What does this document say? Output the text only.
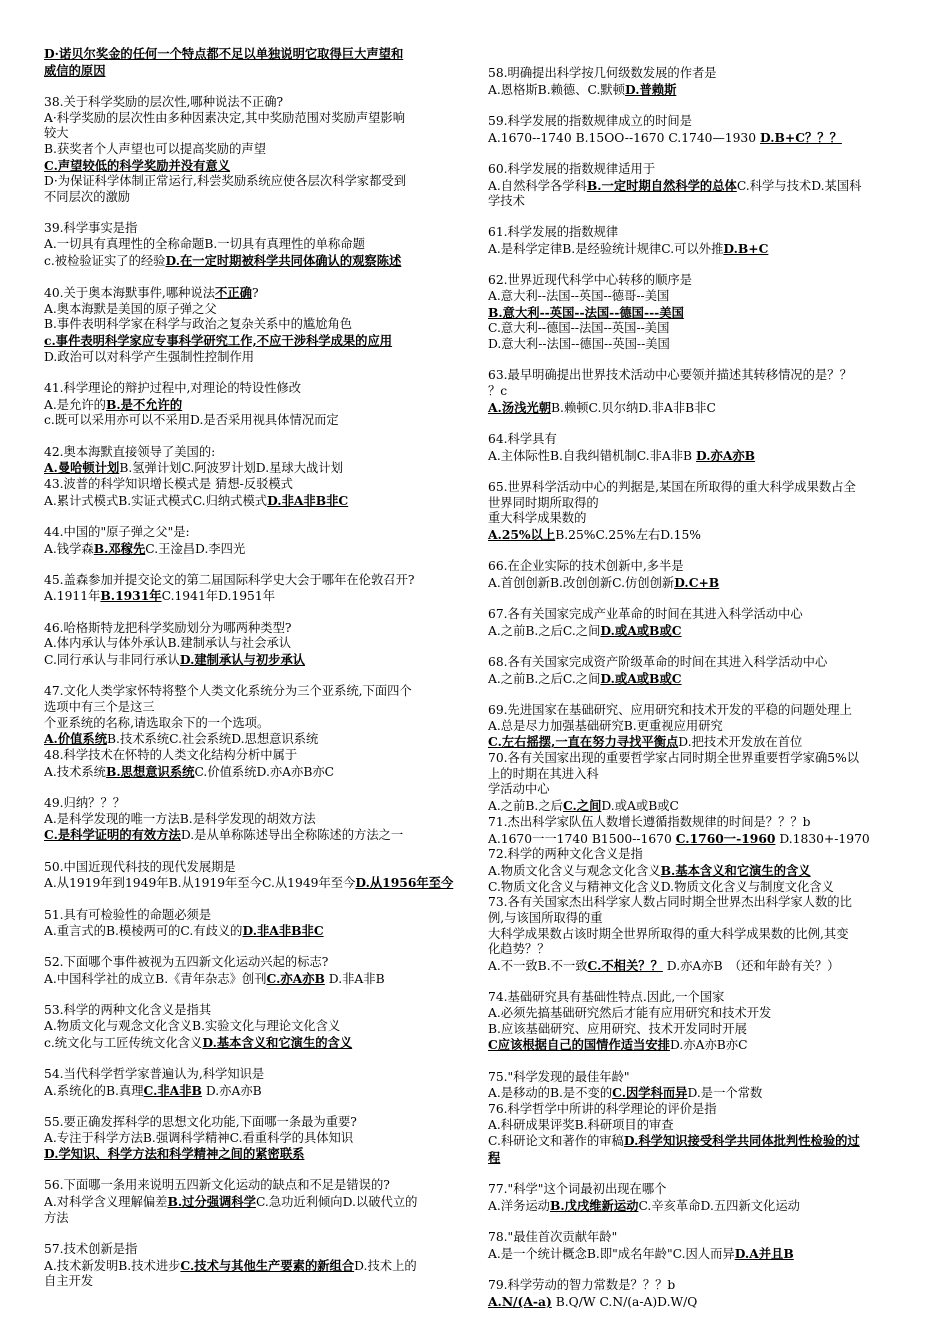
D·诺贝尔奖金的任何一个特点都不足以单独说明它取得巨大声望和
威信的原因
38.关于科学奖励的层次性,哪种说法不正确?
A·科学奖励的层次性由多种因素决定,其中奖励范围对奖励声望影响
较大
B.获奖者个人声望也可以提高奖励的声望
C.声望较低的科学奖励并没有意义
D·为保证科学体制正常运行,科尝奖励系统应使各层次科学家都受到
不同层次的激励
39.科学事实是指
A.一切具有真理性的全称命题B.一切具有真理性的单称命题
c.被检验证实了的经验D.在一定时期被科学共同体确认的观察陈述
40.关于奥本海默事件,哪种说法不正确?
A.奥本海默是美国的原子弹之父
B.事件表明科学家在科学与政治之复杂关系中的尴尬角色
c.事件表明科学家应专事科学研究工作,不应干涉科学成果的应用
D.政治可以对科学产生强制性控制作用
41.科学理论的辩护过程中,对理论的特设性修改
A.是允许的B.是不允许的
c.既可以采用亦可以不采用D.是否采用视具体情况而定
42.奥本海默直接领导了美国的:
A.曼哈顿计划B.氢弹计划C.阿波罗计划D.星球大战计划
43.波普的科学知识增长模式是 猜想-反驳模式
A.累计式模式B.实证式模式C.归纳式模式D.非A非B非C
44.中国的"原子弹之父"是:
A.钱学森B.邓稼先C.王淦昌D.李四光
45.盖森参加并提交论文的第二届国际科学史大会于哪年在伦敦召开?
A.1911年B.1931年C.1941年D.1951年
46.哈格斯特龙把科学奖励划分为哪两种类型?
A.体内承认与体外承认B.建制承认与社会承认
C.同行承认与非同行承认D.建制承认与初步承认
47.文化人类学家怀特将整个人类文化系统分为三个亚系统,下面四个
选项中有三个是这三
个亚系统的名称,请选取余下的一个选项。
A.价值系统B.技术系统C.社会系统D.思想意识系统
48.科学技术在怀特的人类文化结构分析中属于
A.技术系统B.思想意识系统C.价值系统D.亦A亦B亦C
49.归纳？？？
A.是科学发现的唯一方法B.是科学发现的胡效方法
C.是科学证明的有效方法D.是从单称陈述导出全称陈述的方法之一
50.中国近现代科技的现代发展期是
A.从1919年到1949年B.从1919年至今C.从1949年至今D.从1956年至今
51.具有可检验性的命题必须是
A.重言式的B.模棱两可的C.有歧义的D.非A非B非C
52.下面哪个事件被视为五四新文化运动兴起的标志?
A.中国科学社的成立B.《青年杂志》创刊C.亦A亦B D.非A非B
53.科学的两种文化含义是指其
A.物质文化与观念文化含义B.实验文化与理论文化含义
c.统文化与工匠传统文化含义D.基本含义和它演生的含义
54.当代科学哲学家普遍认为,科学知识是
A.系统化的B.真理C.非A非B D.亦A亦B
55.要正确发挥科学的思想文化功能,下面哪一条最为重要?
A.专注于科学方法B.强调科学精神C.看重科学的具体知识
D.学知识、科学方法和科学精神之间的紧密联系
56.下面哪一条用来说明五四新文化运动的缺点和不足是错误的?
A.对科学含义理解偏差B.过分强调科学C.急功近利倾向D.以破代立的
方法
57.技术创新是指
A.技术新发明B.技术进步C.技术与其他生产要素的新组合D.技术上的
自主开发
58.明确提出科学按几何级数发展的作者是
A.恩格斯B.赖德、C.默顿D.普赖斯
59.科学发展的指数规律成立的时间是
A.1670--1740 B.15OO--1670 C.1740—1930 D.B+C？？？
60.科学发展的指数规律适用于
A.自然科学各学科B.一定时期自然科学的总体C.科学与技术D.某国科
学技术
61.科学发展的指数规律
A.是科学定律B.是经验统计规律C.可以外推D.B+C
62.世界近现代科学中心转移的顺序是
A.意大利--法国--英国--德哥--美国
B.意大利--英国--法国--德国---美国
C.意大利--德国--法国--英国--美国
D.意大利--法国--德国--英国--美国
63.最早明确提出世界技术活动中心要领并描述其转移情况的是？？
？c
A.汤浅光朝B.赖顿C.贝尔纳D.非A非B非C
64.科学具有
A.主体际性B.自我纠错机制C.非A非B D.亦A亦B
65.世界科学活动中心的判据是,某国在所取得的重大科学成果数占全
世界同时期所取得的
重大科学成果数的
A.25%以上B.25%C.25%左右D.15%
66.在企业实际的技术创新中,多半是
A.首创创新B.改创创新C.仿创创新D.C+B
67.各有关国家完成产业革命的时间在其进入科学活动中心
A.之前B.之后C.之间D.或A或B或C
68.各有关国家完成资产阶级革命的时间在其进入科学活动中心
A.之前B.之后C.之间D.或A或B或C
69.先进国家在基础研究、应用研究和技术开发的平稳的问题处理上
A.总是尽力加强基础研究B.更重视应用研究
C.左右摇摆,一直在努力寻找平衡点D.把技术开发放在首位
70.各有关国家出现的重要哲学家占同时期全世界重要哲学家确5%以
上的时期在其进入科
学活动中心
A.之前B.之后C.之间D.或A或B或C
71.杰出科学家队伍人数增长遵循指数规律的时间是？？？b
A.1670一一1740 B1500--1670 C.1760一-1960 D.1830+-1970
72.科学的两种文化含义是指
A.物质文化含义与观念文化含义B.基本含义和它演生的含义
C.物质文化含义与精神文化含义D.物质文化含义与制度文化含义
73.各有关国家杰出科学家人数占同时期全世界杰出科学家人数的比
例,与该国所取得的重
大科学成果数占该时期全世界所取得的重大科学成果数的比例,其变
化趋势？？
A.不一致B.不一致C.不相关？？ D.亦A亦B　（还和年龄有关？）
74.基础研究具有基础性特点.因此,一个国家
A.必须先搞基础研究然后才能有应用研究和技术开发
B.应该基础研究、应用研究、技术开发同时开展
C应该根据自己的国情作适当安排D.亦A亦B亦C
75."科学发现的最佳年龄"
A.是移动的B.是不变的C.因学科而异D.是一个常数
76.科学哲学中所讲的科学理论的评价是指
A.科研成果评奖B.科研项目的审查
C.科研论文和著作的审稿D.科学知识接受科学共同体批判性检验的过
程
77."科学"这个词最初出现在哪个
A.洋务运动B.戊戌维新运动C.辛亥革命D.五四新文化运动
78."最佳首次贡献年龄"
A.是一个统计概念B.即"成名年龄"C.因人而异D.A并且B
79.科学劳动的智力常数是？？？b
A.N/(A-a) B.Q/W C.N/(a-A)D.W/Q
